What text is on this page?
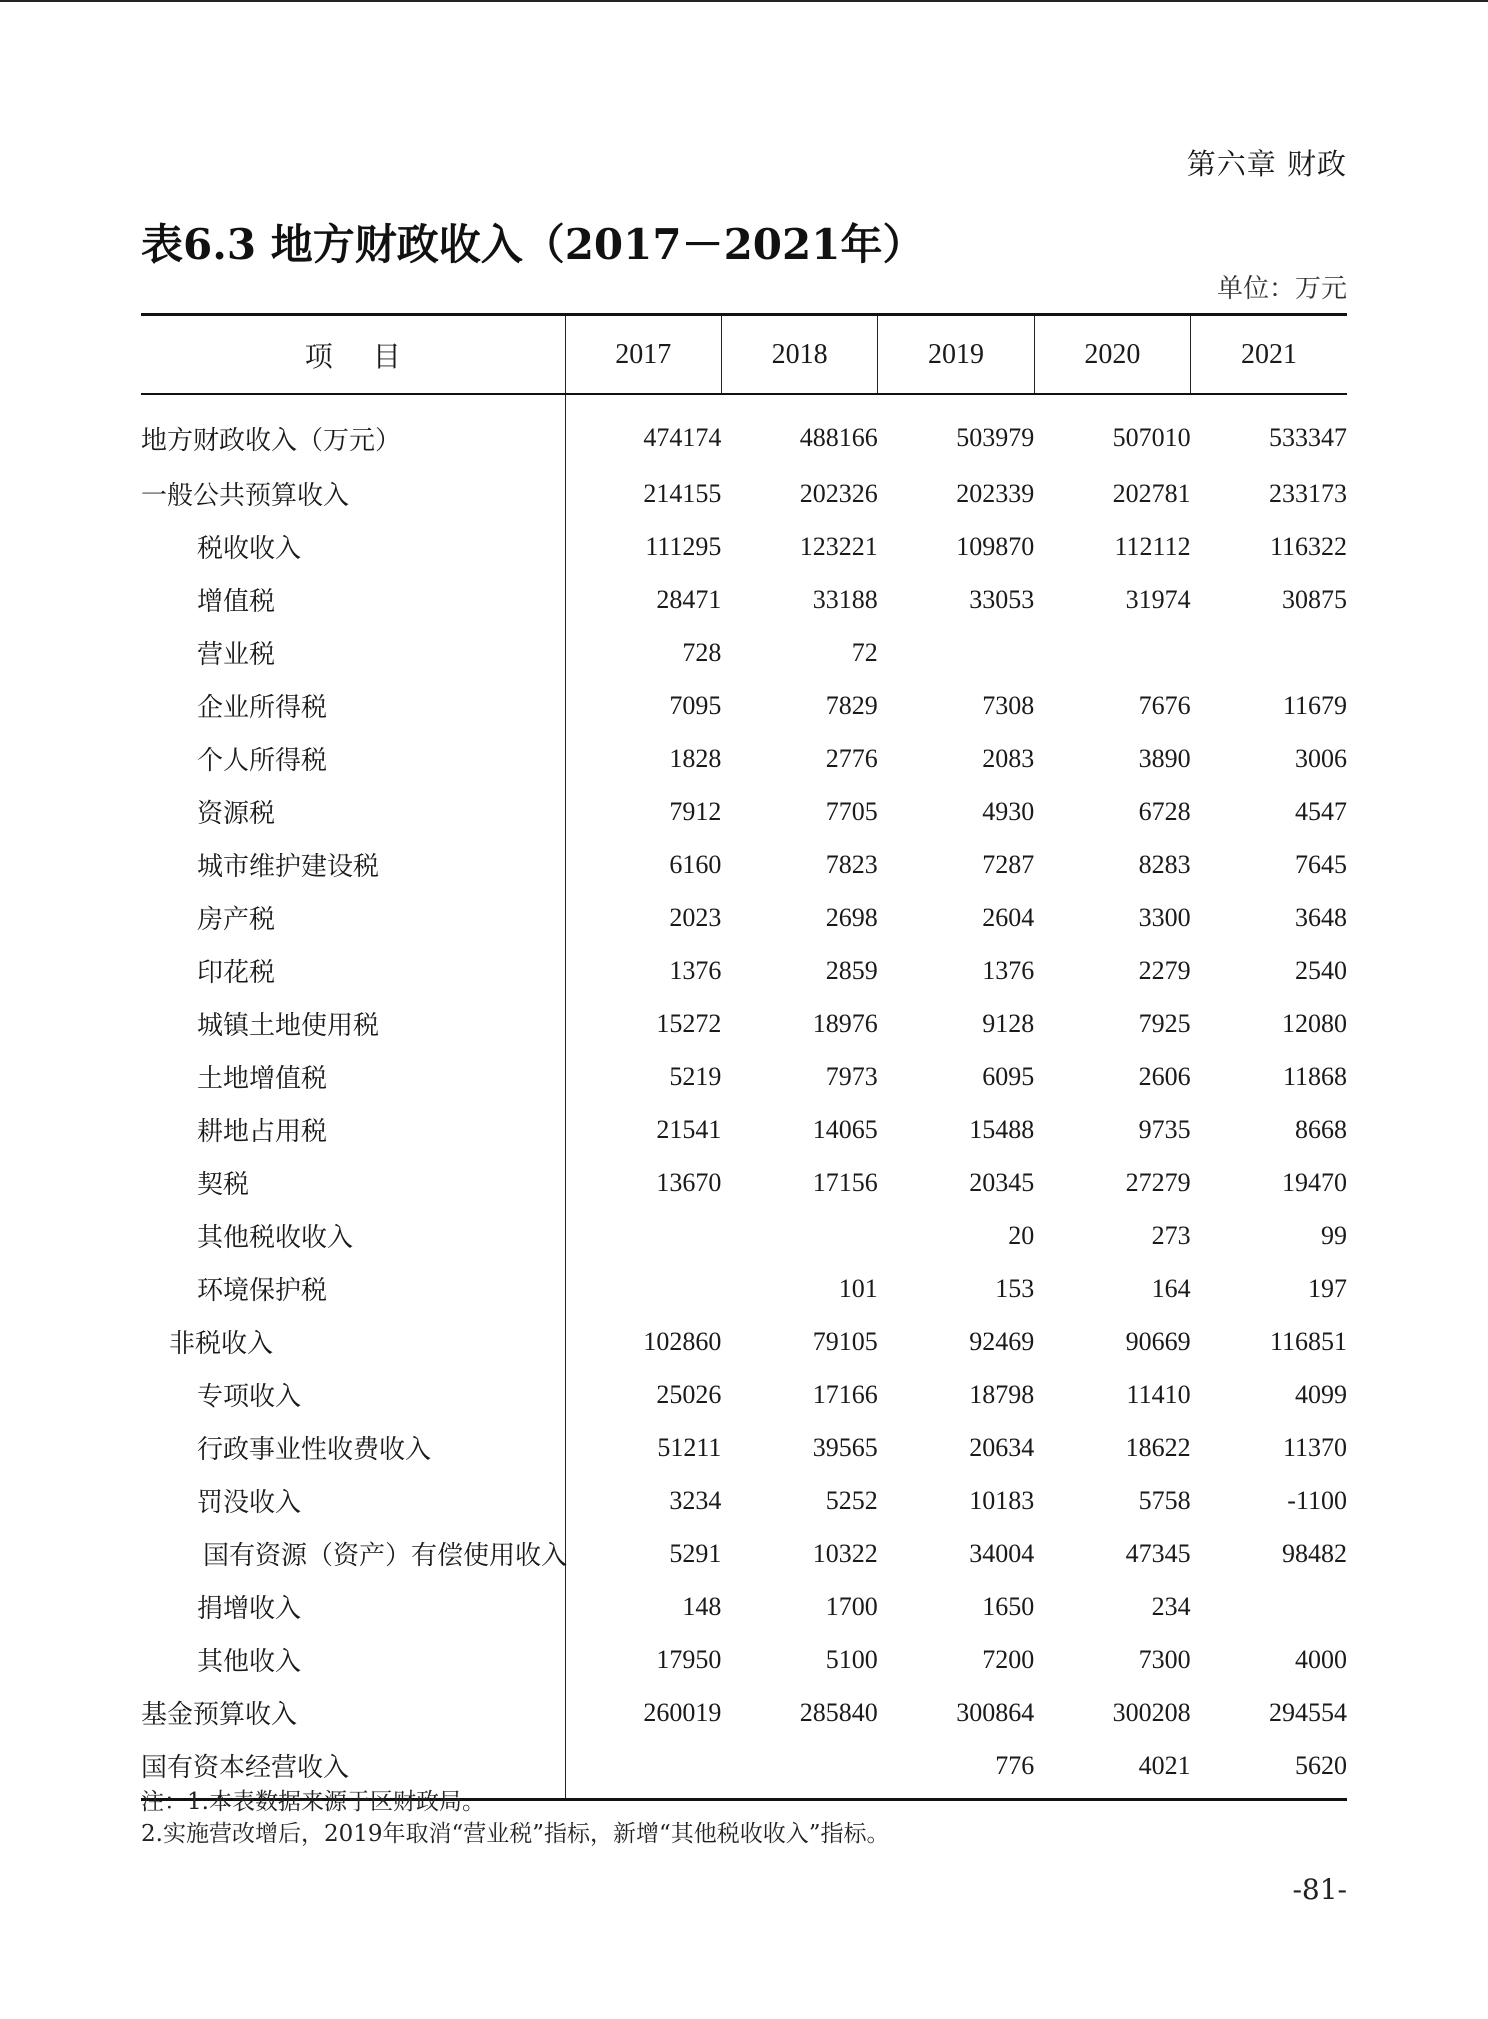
第六章 财政
表6.3 地方财政收入（2017－2021年）
单位：万元
项目	2017	2018	2019	2020	2021
地方财政收入（万元）	474174	488166	503979	507010	533347
一般公共预算收入	214155	202326	202339	202781	233173
税收收入	111295	123221	109870	112112	116322
增值税	28471	33188	33053	31974	30875
营业税	728	72			
企业所得税	7095	7829	7308	7676	11679
个人所得税	1828	2776	2083	3890	3006
资源税	7912	7705	4930	6728	4547
城市维护建设税	6160	7823	7287	8283	7645
房产税	2023	2698	2604	3300	3648
印花税	1376	2859	1376	2279	2540
城镇土地使用税	15272	18976	9128	7925	12080
土地增值税	5219	7973	6095	2606	11868
耕地占用税	21541	14065	15488	9735	8668
契税	13670	17156	20345	27279	19470
其他税收收入			20	273	99
环境保护税		101	153	164	197
非税收入	102860	79105	92469	90669	116851
专项收入	25026	17166	18798	11410	4099
行政事业性收费收入	51211	39565	20634	18622	11370
罚没收入	3234	5252	10183	5758	-1100
国有资源（资产）有偿使用收入	5291	10322	34004	47345	98482
捐增收入	148	1700	1650	234	
其他收入	17950	5100	7200	7300	4000
基金预算收入	260019	285840	300864	300208	294554
国有资本经营收入			776	4021	5620
注：1.本表数据来源于区财政局。
2.实施营改增后，2019年取消“营业税”指标，新增“其他税收收入”指标。
-81-
